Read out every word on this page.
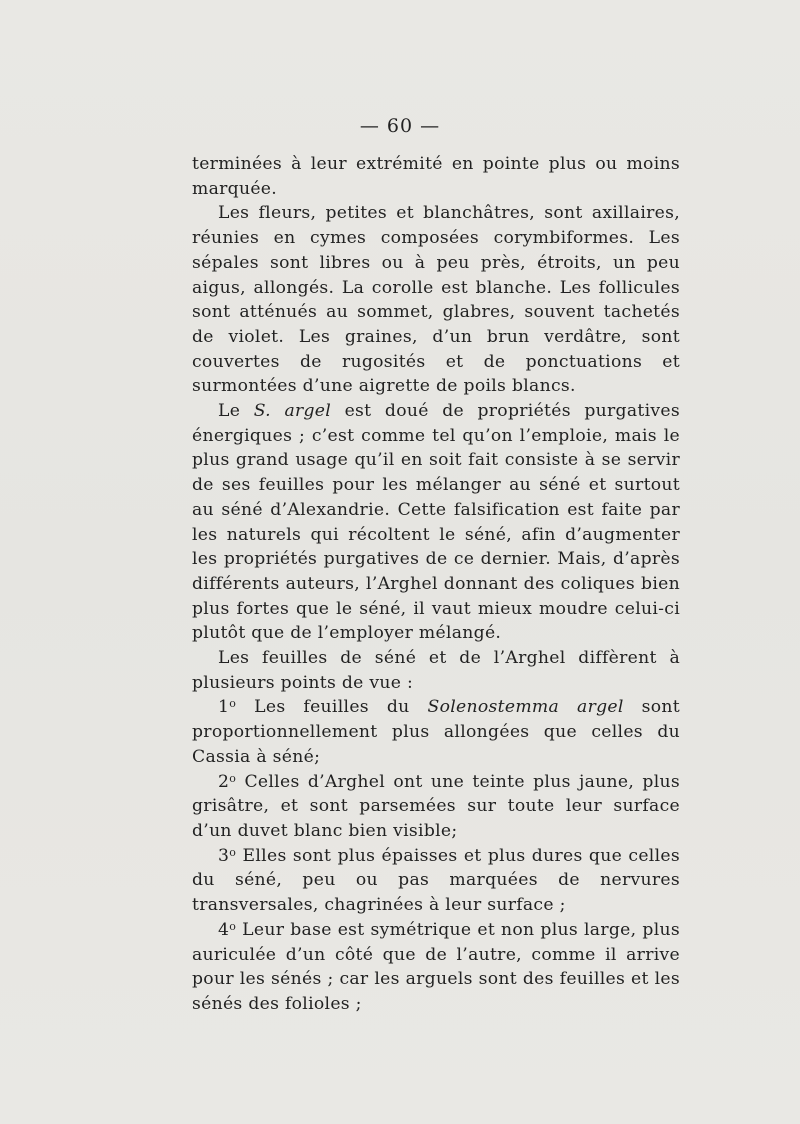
— 60 —

terminées à leur extrémité en pointe plus ou moins marquée.

Les fleurs, petites et blanchâtres, sont axillaires, réunies en cymes composées corymbiformes. Les sépales sont libres ou à peu près, étroits, un peu aigus, allongés. La corolle est blanche. Les follicules sont atténués au sommet, glabres, souvent tachetés de violet. Les graines, d’un brun verdâtre, sont couvertes de rugosités et de ponctuations et surmontées d’une aigrette de poils blancs.

Le S. argel est doué de propriétés purgatives énergiques ; c’est comme tel qu’on l’emploie, mais le plus grand usage qu’il en soit fait consiste à se servir de ses feuilles pour les mélanger au séné et surtout au séné d’Alexandrie. Cette falsification est faite par les naturels qui récoltent le séné, afin d’augmenter les propriétés purgatives de ce dernier. Mais, d’après différents auteurs, l’Arghel donnant des coliques bien plus fortes que le séné, il vaut mieux moudre celui-ci plutôt que de l’employer mélangé.

Les feuilles de séné et de l’Arghel diffèrent à plusieurs points de vue :

1$^o$ Les feuilles du Solenostemma argel sont proportionnellement plus allongées que celles du Cassia à séné;

2$^o$ Celles d’Arghel ont une teinte plus jaune, plus grisâtre, et sont parsemées sur toute leur surface d’un duvet blanc bien visible;

3$^o$ Elles sont plus épaisses et plus dures que celles du séné, peu ou pas marquées de nervures transversales, chagrinées à leur surface ;

4$^o$ Leur base est symétrique et non plus large, plus auriculée d’un côté que de l’autre, comme il arrive pour les sénés ; car les arguels sont des feuilles et les sénés des folioles ;
